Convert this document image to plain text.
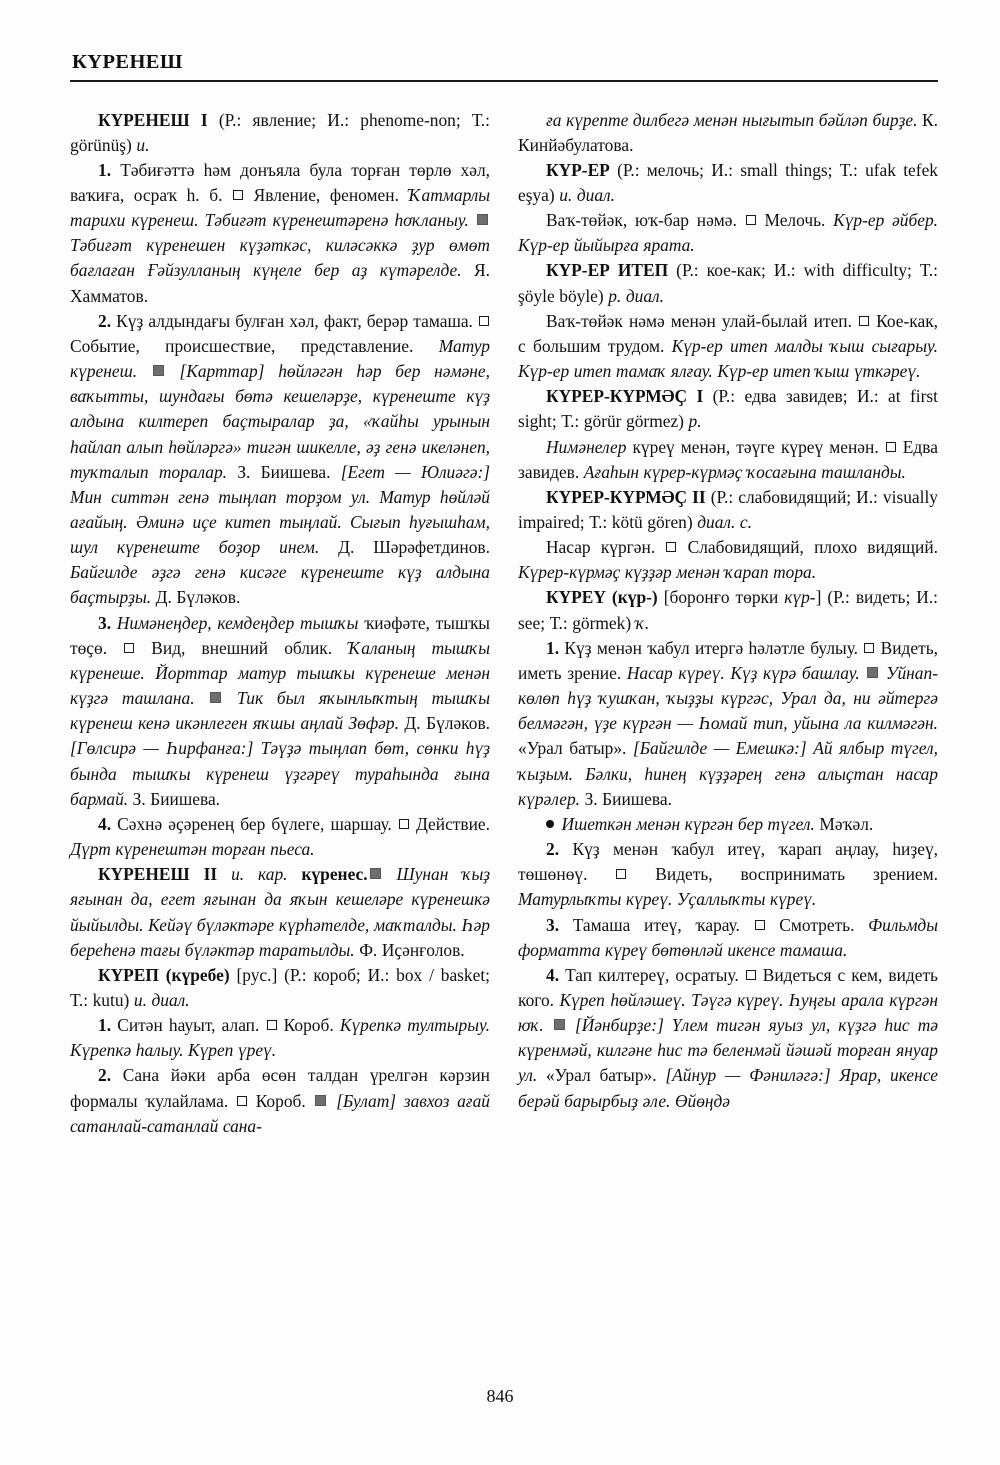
КҮРЕНЕШ

КҮРЕНЕШ I (Р.: явление; И.: phenome-non; Т.: görünüş) и.

1. Тәбиғәттә һәм донъяла була торған төрлө хәл, ваҡиға, осраҡ һ. б.  Явление, феномен. Ҡатмарлы тарихи күренеш. Тәбиғәт күренештәренә һоҡланыу.  Тәбиғәт күренешен күҙәткәс, киләсәккә ҙур өмөт бағлаған Ғәйзулланың күңеле бер аҙ күтәрелде. Я. Хамматов.

2. Күҙ алдындағы булған хәл, факт, берәр тамаша.  Событие, происшествие, представление. Матур күренеш.  [Карттар] һөйләгән һәр бер нәмәне, ваҡытты, шундағы бөтә кешеләрҙе, күренеште күҙ алдына килтереп баҫтыралар ҙа, «ҡайһы урынын һайлап алып һөйләргә» тигән шикелле, әҙ генә икеләнеп, туҡталып торалар. З. Биишева. [Егет — Юлиәгә:] Мин ситтән генә тыңлап торҙом ул. Матур һөйләй ағайың. Әминә иҫе китеп тыңлай. Сығып һуғышһам, шул күренеште боҙор инем. Д. Шәрәфетдинов. Байгилде әҙгә генә кисәге күренеште күҙ алдына баҫтырҙы. Д. Бүләков.

3. Нимәнеңдер, кемдеңдер тышҡы ҡиәфәте, тышҡы төҫө.  Вид, внешний облик. Ҡаланың тышҡы күренеше. Йорттар матур тышҡы күренеше менән күҙгә ташлана.  Тик был яҡынлыҡтың тышҡы күренеш кенә икәнлеген яҡшы аңлай Зөфәр. Д. Бүләков. [Гөлсирә — Һирфанға:] Тәүҙә тыңлап бөт, сөнки һүҙ бында тышҡы күренеш үҙгәреү тураһында ғына бармай. З. Биишева.

4. Сәхнә әҫәренең бер бүлеге, шаршау.  Действие. Дүрт күренештән торған пьеса.

КҮРЕНЕШ II и. кар. күренес. Шунан ҡыҙ яғынан да, егет яғынан да яҡын кешеләре күренешкә йыйылды. Кейәү бүләктәре күрһәтелде, маҡталды. Һәр береһенә тағы бүләктәр таратылды. Ф. Иҫәнғолов.

КҮРЕП (күребе) [рус.] (Р.: короб; И.: box / basket; Т.: kutu) и. диал.

1. Ситән һауыт, алап.  Короб. Күрепкә тултырыу. Күрепкә һалыу. Күреп үреү.

2. Сана йәки арба өсөн талдан үрелгән кәрзин формалы ҡулайлама.  Короб.  [Булат] завхоз ағай сатанлай-сатанлай сана-

ға күрепте дилбегә менән нығытып бәйләп бирҙе. К. Кинйәбулатова.

КҮР-ЕР (Р.: мелочь; И.: small things; Т.: ufak tefek eşya) и. диал.

Ваҡ-төйәк, юҡ-бар нәмә.  Мелочь. Күр-ер әйбер. Күр-ер йыйырға ярата.

КҮР-ЕР ИТЕП (Р.: кое-как; И.: with difficulty; Т.: şöyle böyle) р. диал.

Ваҡ-төйәк нәмә менән улай-былай итеп.  Кое-как, с большим трудом. Күр-ер итеп малды ҡыш сығарыу. Күр-ер итеп тамаҡ ялғау. Күр-ер итеп ҡыш үткәреү.

КҮРЕР-КҮРМӘҪ I (Р.: едва завидев; И.: at first sight; Т.: görür görmez) р.

Нимәнелер күреү менән, тәүге күреү менән.  Едва завидев. Ағаһын күрер-күрмәҫ ҡосағына ташланды.

КҮРЕР-КҮРМӘҪ II (Р.: слабовидящий; И.: visually impaired; Т.: kötü gören) диал. с.

Насар күргән.  Слабовидящий, плохо видящий. Күрер-күрмәҫ күҙҙәр менән ҡарап тора.

КҮРЕҮ (күр-) [боронғо төрки күр-] (Р.: видеть; И.: see; Т.: görmek) ҡ.

1. Күҙ менән ҡабул итергә һәләтле булыу.  Видеть, иметь зрение. Насар күреү. Күҙ күрә башлау.  Уйнап-көлөп һүҙ ҡушҡан, ҡыҙҙы күргәс, Урал да, ни әйтергә белмәгән, үҙе күргән — Һомай тип, уйына ла килмәгән. «Урал батыр». [Байгилде — Емешкә:] Ай ялбыр түгел, ҡыҙым. Бәлки, һинең күҙҙәрең генә алыҫтан насар күрәлер. З. Биишева.

Ишеткән менән күргән бер түгел. Мәҡәл.

2. Күҙ менән ҡабул итеү, ҡарап аңлау, һиҙеү, төшөнөү.  Видеть, воспринимать зрением. Матурлыҡты күреү. Уҫаллыҡты күреү.

3. Тамаша итеү, ҡарау.  Смотреть. Фильмды форматта күреү бөтөнләй икенсе тамаша.

4. Тап килтереү, осратыу.  Видеться с кем, видеть кого. Күреп һөйләшеү. Тәүгә күреү. Һуңғы арала күргән юҡ.  [Йәнбирҙе:] Үлем тигән яуыз ул, күҙгә һис тә күренмәй, килгәне һис тә беленмәй йәшәй торған януар ул. «Урал батыр». [Айнур — Фәниләгә:] Ярар, икенсе берәй барырбыҙ әле. Өйөңдә

846
